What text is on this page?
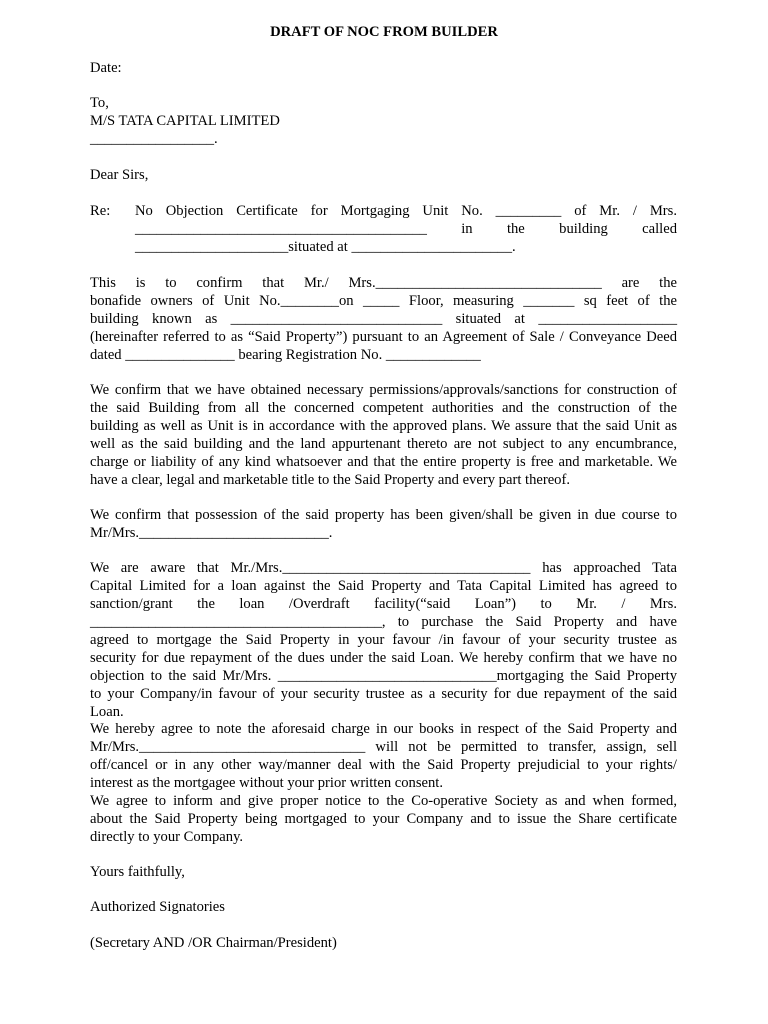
DRAFT OF NOC FROM BUILDER
Date:
To,
M/S TATA CAPITAL LIMITED
_________________.
Dear Sirs,
Re: No Objection Certificate for Mortgaging Unit No. _________ of Mr. / Mrs.
________________________________________ in the building called
_____________________situated at ______________________.
This is to confirm that Mr./ Mrs._______________________________ are the
bonafide owners of Unit No.________on _____ Floor, measuring _______ sq feet of the
building known as _____________________________ situated at ___________________
(hereinafter referred to as “Said Property”) pursuant to an Agreement of Sale / Conveyance Deed
dated _______________ bearing Registration No. _____________
We confirm that we have obtained necessary permissions/approvals/sanctions for construction of
the said Building from all the concerned competent authorities and the construction of the
building as well as Unit is in accordance with the approved plans. We assure that the said Unit as
well as the said building and the land appurtenant thereto are not subject to any encumbrance,
charge or liability of any kind whatsoever and that the entire property is free and marketable. We
have a clear, legal and marketable title to the Said Property and every part thereof.
We confirm that possession of the said property has been given/shall be given in due course to
Mr/Mrs.__________________________.
We are aware that Mr./Mrs.__________________________________ has approached Tata
Capital Limited for a loan against the Said Property and Tata Capital Limited has agreed to
sanction/grant the loan /Overdraft facility(“said Loan”) to Mr. / Mrs.
________________________________________, to purchase the Said Property and have
agreed to mortgage the Said Property in your favour /in favour of your security trustee as
security for due repayment of the dues under the said Loan. We hereby confirm that we have no
objection to the said Mr/Mrs. ______________________________mortgaging the Said Property
to your Company/in favour of your security trustee as a security for due repayment of the said
Loan.
We hereby agree to note the aforesaid charge in our books in respect of the Said Property and
Mr/Mrs._______________________________ will not be permitted to transfer, assign, sell
off/cancel or in any other way/manner deal with the Said Property prejudicial to your rights/
interest as the mortgagee without your prior written consent.
We agree to inform and give proper notice to the Co-operative Society as and when formed,
about the Said Property being mortgaged to your Company and to issue the Share certificate
directly to your Company.
Yours faithfully,
Authorized Signatories
(Secretary AND /OR Chairman/President)
